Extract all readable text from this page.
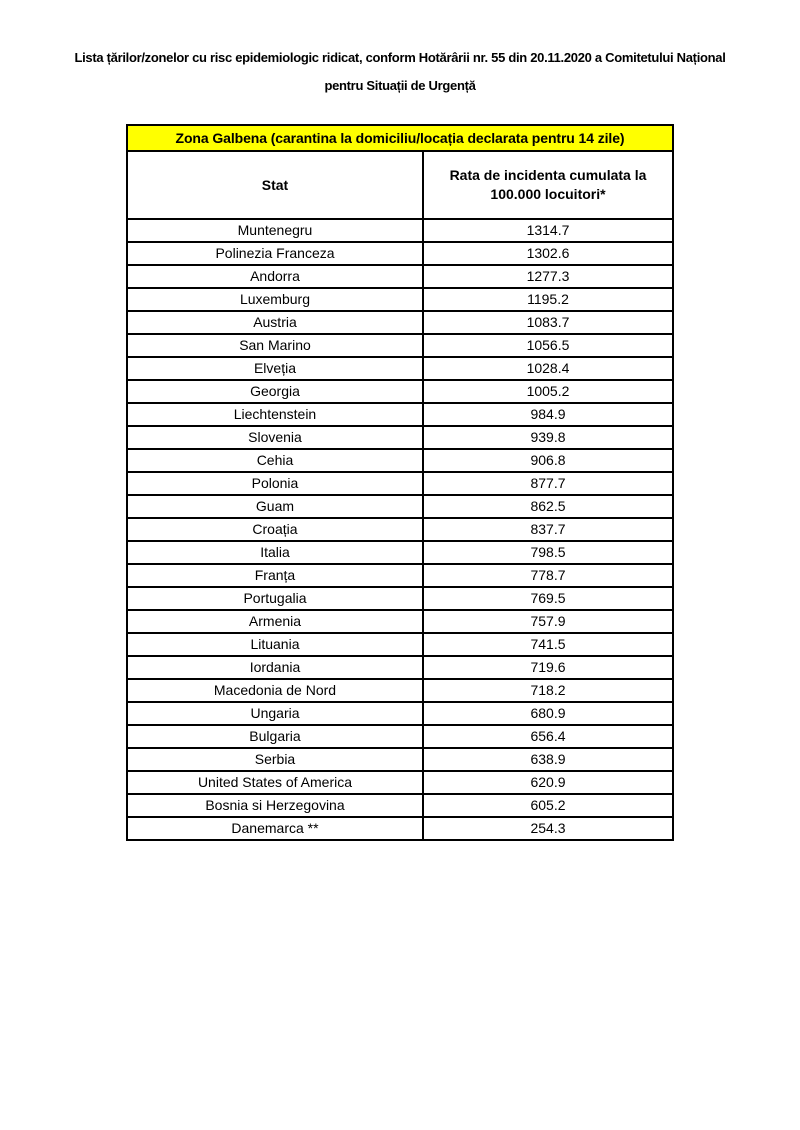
Lista țărilor/zonelor cu risc epidemiologic ridicat, conform Hotărârii nr. 55 din 20.11.2020 a Comitetului Național
pentru Situații de Urgență
Zona Galbena (carantina la domiciliu/locația declarata pentru 14 zile)	
Stat	Rata de incidenta cumulata la 100.000 locuitori*
Muntenegru	1314.7
Polinezia Franceza	1302.6
Andorra	1277.3
Luxemburg	1195.2
Austria	1083.7
San Marino	1056.5
Elveția	1028.4
Georgia	1005.2
Liechtenstein	984.9
Slovenia	939.8
Cehia	906.8
Polonia	877.7
Guam	862.5
Croația	837.7
Italia	798.5
Franța	778.7
Portugalia	769.5
Armenia	757.9
Lituania	741.5
Iordania	719.6
Macedonia de Nord	718.2
Ungaria	680.9
Bulgaria	656.4
Serbia	638.9
United States of America	620.9
Bosnia si Herzegovina	605.2
Danemarca **	254.3
